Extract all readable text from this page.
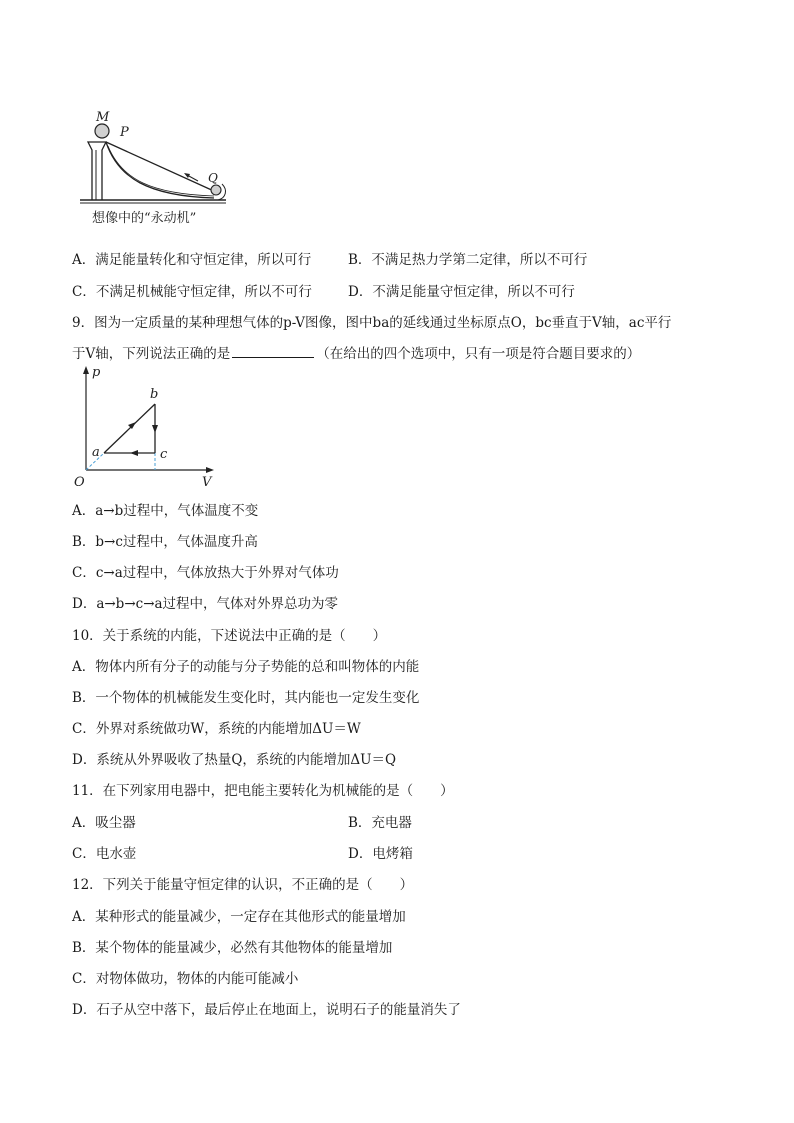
M
P
Q
想像中的“永动机”
A．满足能量转化和守恒定律，所以可行	B．不满足热力学第二定律，所以不可行
C．不满足机械能守恒定律，所以不可行	D．不满足能量守恒定律，所以不可行
9．图为一定质量的某种理想气体的p-V图像，图中ba的延线通过坐标原点O，bc垂直于V轴，ac平行
于V轴，下列说法正确的是	（在给出的四个选项中，只有一项是符合题目要求的）
p
V
O
a
b
c
A．a→b过程中，气体温度不变
B．b→c过程中，气体温度升高
C．c→a过程中，气体放热大于外界对气体功
D．a→b→c→a过程中，气体对外界总功为零
10．关于系统的内能，下述说法中正确的是（　　）
A．物体内所有分子的动能与分子势能的总和叫物体的内能
B．一个物体的机械能发生变化时，其内能也一定发生变化
C．外界对系统做功W，系统的内能增加ΔU＝W
D．系统从外界吸收了热量Q，系统的内能增加ΔU＝Q
11．在下列家用电器中，把电能主要转化为机械能的是（　　）
A．吸尘器	B．充电器
C．电水壶	D．电烤箱
12．下列关于能量守恒定律的认识，不正确的是（　　）
A．某种形式的能量减少，一定存在其他形式的能量增加
B．某个物体的能量减少，必然有其他物体的能量增加
C．对物体做功，物体的内能可能减小
D．石子从空中落下，最后停止在地面上，说明石子的能量消失了
